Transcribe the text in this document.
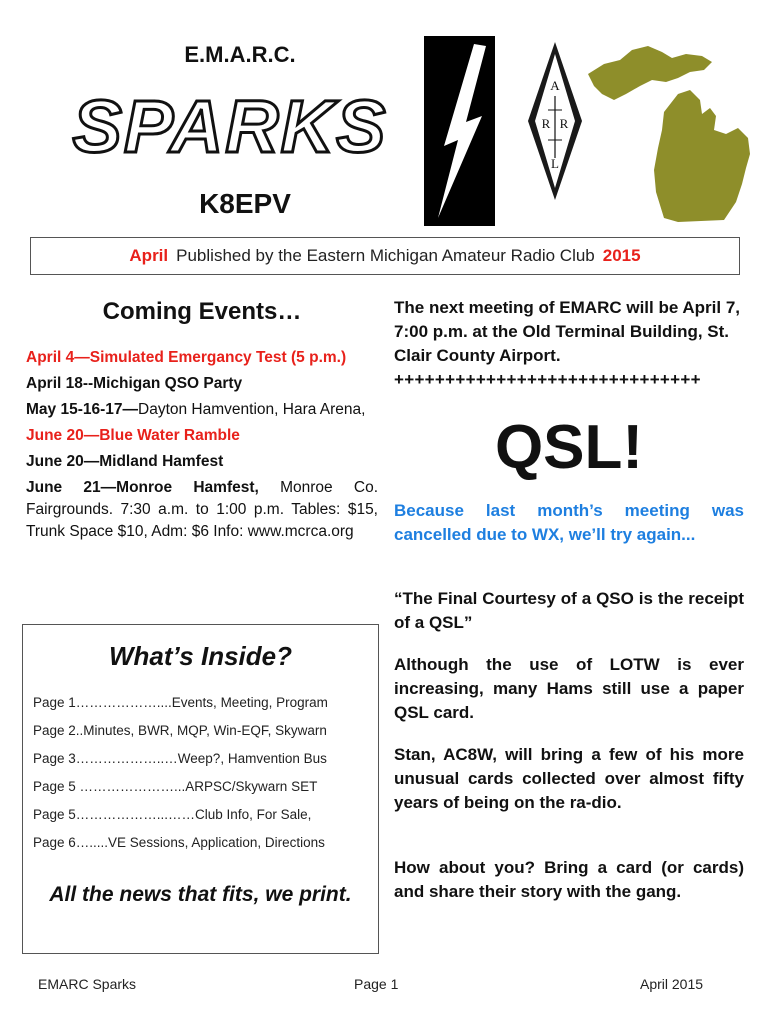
E.M.A.R.C.
SPARKS
K8EPV
A
R R
L
April Published by the Eastern Michigan Amateur Radio Club 2015
Coming Events…

April 4—Simulated Emergancy Test (5 p.m.)

April 18--Michigan QSO Party

May 15-16-17—Dayton Hamvention, Hara Arena,

June 20—Blue Water Ramble

June 20—Midland Hamfest

June 21—Monroe Hamfest, Monroe Co. Fairgrounds. 7:30 a.m. to 1:00 p.m. Tables: $15, Trunk Space $10, Adm: $6 Info: www.mcrca.org

What’s Inside?
Page 1………………....Events, Meeting, Program
Page 2..Minutes, BWR, MQP, Win-EQF, Skywarn
Page 3………………..…Weep?, Hamvention Bus
Page 5 …………………...ARPSC/Skywarn SET
Page 5………………...……Club Info, For Sale,
Page 6….....VE Sessions, Application, Directions
All the news that fits, we print.
The next meeting of EMARC will be April 7, 7:00 p.m. at the Old Terminal Building, St. Clair County Airport.
++++++++++++++++++++++++++++++
QSL!
Because last month’s meeting was cancelled due to WX, we’ll try again...
“The Final Courtesy of a QSO is the receipt of a QSL”
Although the use of LOTW is ever increasing, many Hams still use a paper QSL card.
Stan, AC8W, will bring a few of his more unusual cards collected over almost fifty years of being on the ra-dio.
How about you? Bring a card (or cards) and share their story with the gang.
EMARC Sparks	Page 1	April 2015
